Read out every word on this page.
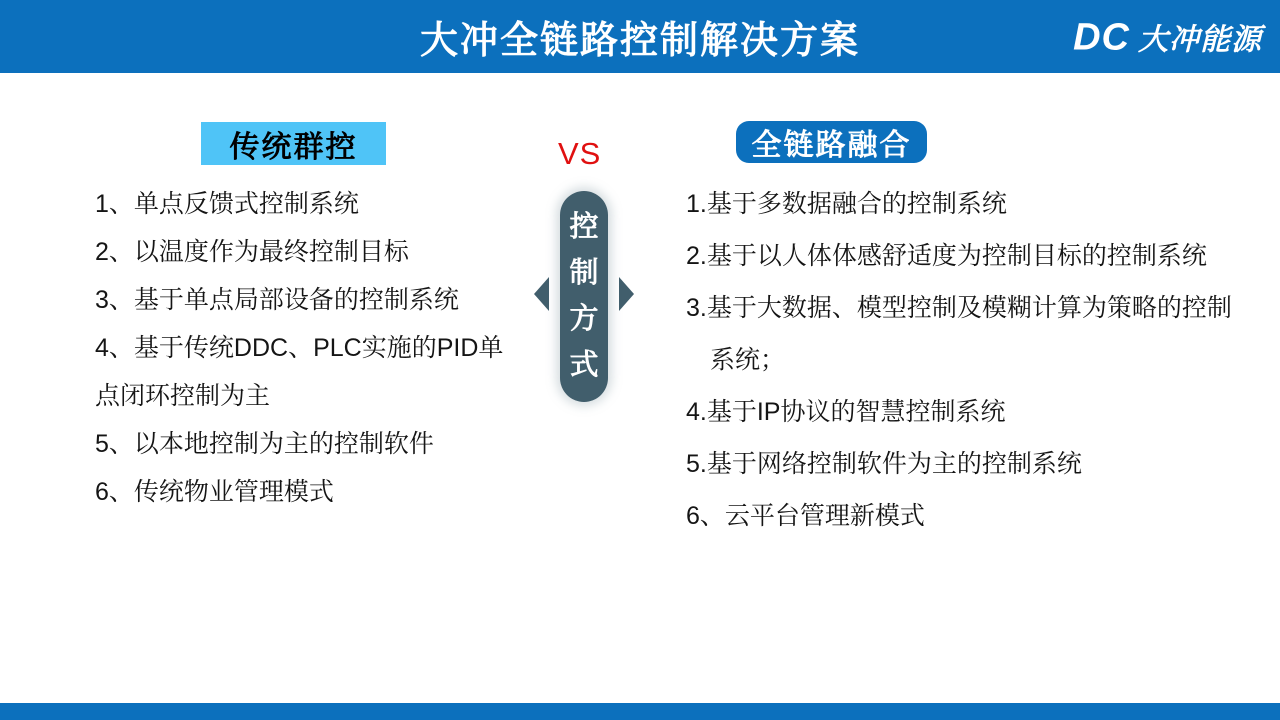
大冲全链路控制解决方案	DC 大冲能源
传统群控	VS	全链路融合
1、单点反馈式控制系统
2、以温度作为最终控制目标
3、基于单点局部设备的控制系统
4、基于传统DDC、PLC实施的PID单
点闭环控制为主
5、以本地控制为主的控制软件
6、传统物业管理模式
控
制
方
式
1.基于多数据融合的控制系统
2.基于以人体体感舒适度为控制目标的控制系统
3.基于大数据、模型控制及模糊计算为策略的控制
系统；
4.基于IP协议的智慧控制系统
5.基于网络控制软件为主的控制系统
6、云平台管理新模式
